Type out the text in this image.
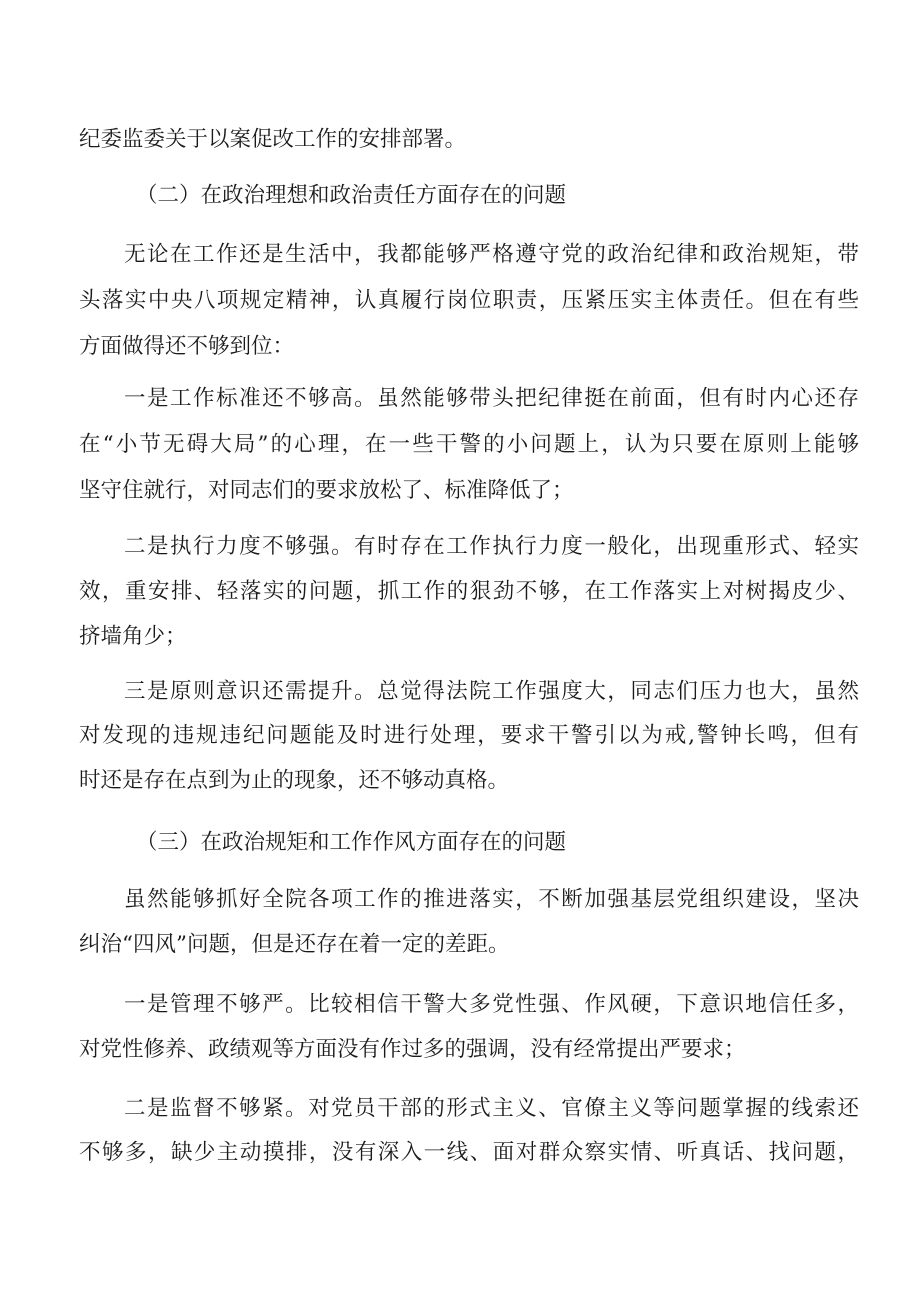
纪委监委关于以案促改工作的安排部署。
（二）在政治理想和政治责任方面存在的问题
无论在工作还是生活中，我都能够严格遵守党的政治纪律和政治规矩，带
头落实中央八项规定精神，认真履行岗位职责，压紧压实主体责任。但在有些
方面做得还不够到位：
一是工作标准还不够高。虽然能够带头把纪律挺在前面，但有时内心还存
在“小节无碍大局”的心理，在一些干警的小问题上，认为只要在原则上能够
坚守住就行，对同志们的要求放松了、标准降低了；
二是执行力度不够强。有时存在工作执行力度一般化，出现重形式、轻实
效，重安排、轻落实的问题，抓工作的狠劲不够，在工作落实上对树揭皮少、
挤墙角少；
三是原则意识还需提升。总觉得法院工作强度大，同志们压力也大，虽然
对发现的违规违纪问题能及时进行处理，要求干警引以为戒,警钟长鸣，但有
时还是存在点到为止的现象，还不够动真格。
（三）在政治规矩和工作作风方面存在的问题
虽然能够抓好全院各项工作的推进落实，不断加强基层党组织建设，坚决
纠治“四风”问题，但是还存在着一定的差距。
一是管理不够严。比较相信干警大多党性强、作风硬，下意识地信任多，
对党性修养、政绩观等方面没有作过多的强调，没有经常提出严要求；
二是监督不够紧。对党员干部的形式主义、官僚主义等问题掌握的线索还
不够多，缺少主动摸排，没有深入一线、面对群众察实情、听真话、找问题，
